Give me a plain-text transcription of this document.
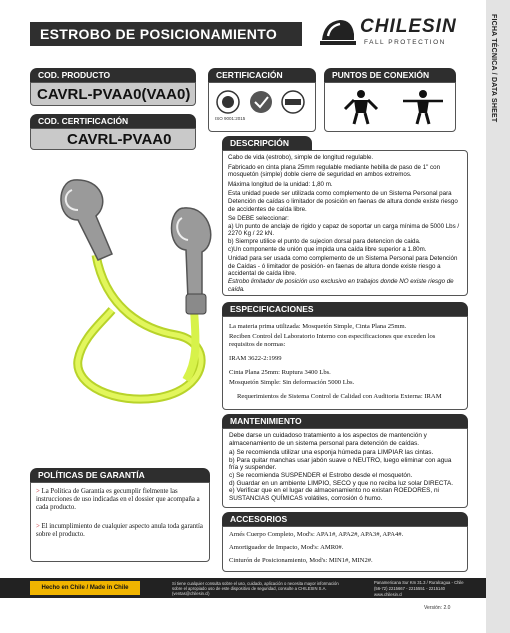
FICHA TÉCNICA / DATA SHEET
ESTROBO DE POSICIONAMIENTO	CHILESIN
FALL PROTECTION
COD. PRODUCTO
CAVRL-PVAA0(VAA0)
COD. CERTIFICACIÓN
CAVRL-PVAA0
CERTIFICACIÓN
ISO 9001:2015
PUNTOS DE CONEXIÓN
DESCRIPCIÓN

Cabo de vida (estrobo), simple de longitud regulable.

Fabricado en cinta plana 25mm regulable mediante hebilla de paso de 1" con mosquetón (simple) doble cierre de seguridad en ambos extremos.

Máxima longitud de la unidad: 1,80 m.

Esta unidad puede ser utilizada como complemento de un Sistema Personal para Detención de caídas o limitador de posición en faenas de altura donde existe riesgo de accidentes de caída libre.

Se DEBE seleccionar:

a) Un punto de anclaje de rígido y capaz de soportar un carga mínima de 5000 Lbs / 2270 Kg / 22 kN.

b) Siempre utilice el punto de sujecion dorsal para detencion de caida.

c)Un componente de unión que impida una caída libre superior a 1.80m.

Unidad para ser usada como complemento de un Sistema Personal para Detención de Caídas - ó limitador de posición- en faenas de altura donde existe riesgo a accidental de caída libre.

Estrobo limitador de posición uso exclusivo en trabajos donde NO existe riesgo de caída.

ESPECIFICACIONES

La materia prima utilizada: Mosquetón Simple, Cinta Plana 25mm.

Reciben Control del Laboratorio Interno con especificaciones que exceden los requisitos de normas:

IRAM 3622-2:1999

Cinta Plana 25mm: Ruptura 3400 Lbs.

Mosquetón Simple: Sin deformación 5000 Lbs.

Requerimientos de Sistema Control de Calidad con Auditoria Externa: IRAM

MANTENIMIENTO

Debe darse un cuidadoso tratamiento a los aspectos de mantención y almacenamiento de un sistema personal para detención de caídas.

a) Se recomienda utilizar una esponja húmeda para LIMPIAR las cintas.

b) Para quitar manchas usar jabón suave o NEUTRO, luego eliminar con agua fría y suspender.

c) Se recomienda SUSPENDER el Estrobo desde el mosquetón.

d) Guardar en un ambiente LIMPIO, SECO y que no reciba luz solar DIRECTA.

e) Verificar que en el lugar de almacenamiento no existan ROEDORES, ni SUSTANCIAS QUÍMICAS volátiles, corrosión ó humo.

ACCESORIOS

Arnés Cuerpo Completo, Mod's: APA1#, APA2#, APA3#, APA4#.

Amortiguador de Impacto, Mod's: AMR0#.

Cinturón de Posicionamiento, Mod's: MIN1#, MIN2#.

POLÍTICAS DE GARANTÍA

> La Política de Garantía es gecumplir fielmente las instrucciones de uso indicadas en el dossier que acompaña a cada producto.

> El incumplimiento de cualquier aspecto anula toda garantía sobre el producto.

Hecho en Chile / Made in Chile
Si tiene cualquier consulta sobre el uso, cuidado, aplicación o necesita mayor información sobre el apropiado uso de este dispositivo de seguridad, consulte a CHILESIN S.A. (ventas@chilesin.cl)
Panamericana Sur Km 31.3 / Ruralcagua - Chile
(56-72) 2215667 - 2215551 - 2215140
www.chilesin.cl
Versión: 2.0
